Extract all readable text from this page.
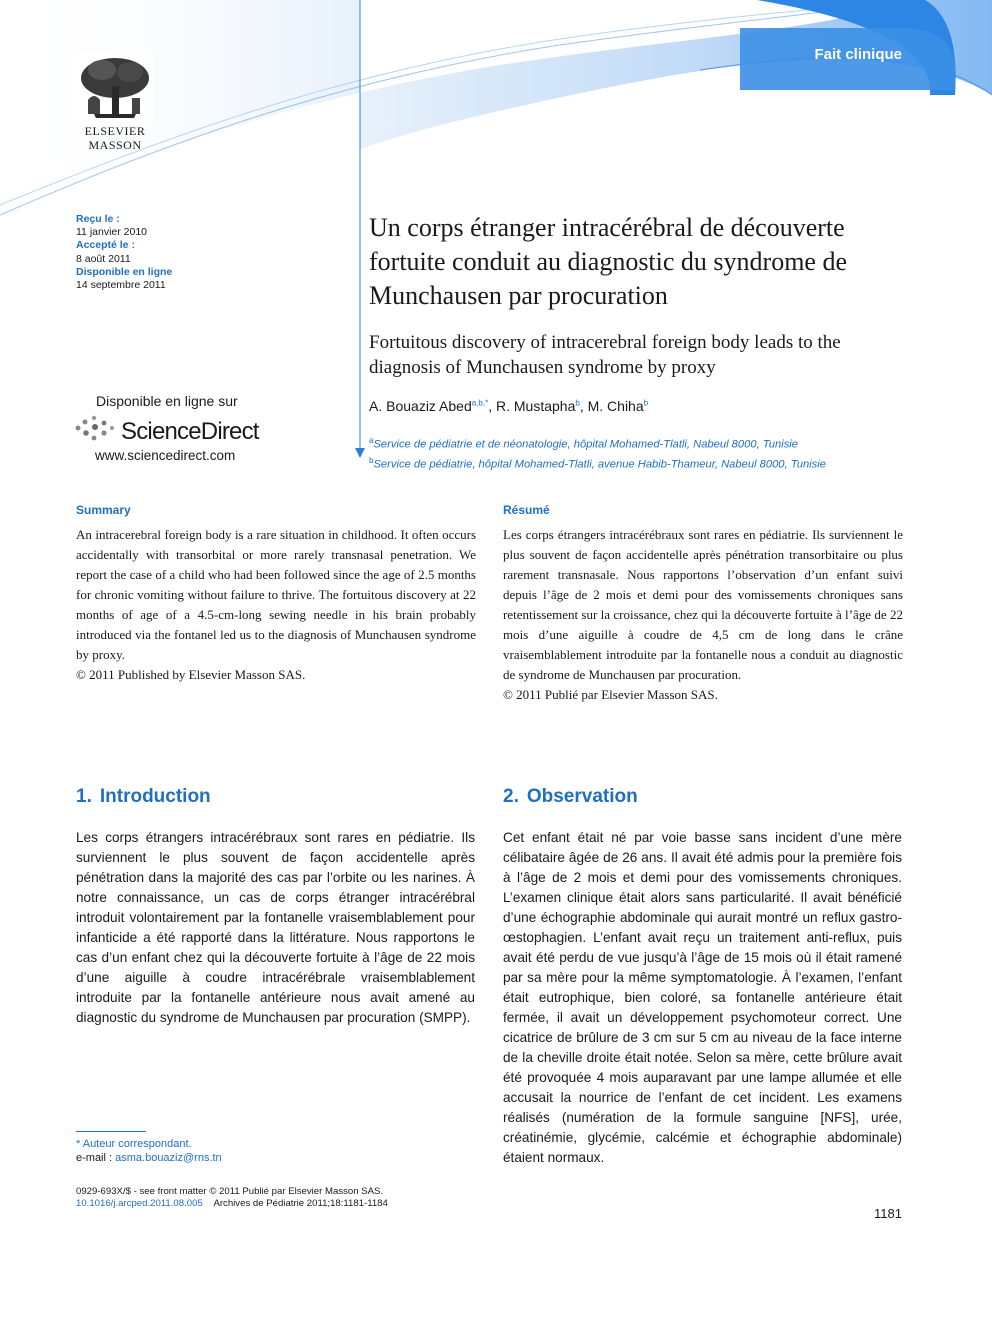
Fait clinique
ELSEVIER
MASSON
Reçu le :
11 janvier 2010
Accepté le :
8 août 2011
Disponible en ligne
14 septembre 2011
Disponible en ligne sur
ScienceDirect
www.sciencedirect.com
Un corps étranger intracérébral de découverte fortuite conduit au diagnostic du syndrome de Munchausen par procuration
Fortuitous discovery of intracerebral foreign body leads to the diagnosis of Munchausen syndrome by proxy
A. Bouaziz Abed$^{a,b,*}$, R. Mustapha$^b$, M. Chiha$^b$
$^a$Service de pédiatrie et de néonatologie, hôpital Mohamed-Tlatli, Nabeul 8000, Tunisie
$^b$Service de pédiatrie, hôpital Mohamed-Tlatli, avenue Habib-Thameur, Nabeul 8000, Tunisie
Summary
An intracerebral foreign body is a rare situation in childhood. It often occurs accidentally with transorbital or more rarely transnasal penetration. We report the case of a child who had been followed since the age of 2.5 months for chronic vomiting without failure to thrive. The fortuitous discovery at 22 months of age of a 4.5-cm-long sewing needle in his brain probably introduced via the fontanel led us to the diagnosis of Munchausen syndrome by proxy.
© 2011 Published by Elsevier Masson SAS.
Résumé
Les corps étrangers intracérébraux sont rares en pédiatrie. Ils surviennent le plus souvent de façon accidentelle après pénétration transorbitaire ou plus rarement transnasale. Nous rapportons l’observation d’un enfant suivi depuis l’âge de 2 mois et demi pour des vomissements chroniques sans retentissement sur la croissance, chez qui la découverte fortuite à l’âge de 22 mois d’une aiguille à coudre de 4,5 cm de long dans le crâne vraisemblablement introduite par la fontanelle nous a conduit au diagnostic de syndrome de Munchausen par procuration.
© 2011 Publié par Elsevier Masson SAS.
1. Introduction
Les corps étrangers intracérébraux sont rares en pédiatrie. Ils surviennent le plus souvent de façon accidentelle après pénétration dans la majorité des cas par l’orbite ou les narines. À notre connaissance, un cas de corps étranger intracérébral introduit volontairement par la fontanelle vraisemblablement pour infanticide a été rapporté dans la littérature. Nous rapportons le cas d’un enfant chez qui la découverte fortuite à l’âge de 22 mois d’une aiguille à coudre intracérébrale vraisemblablement introduite par la fontanelle antérieure nous avait amené au diagnostic du syndrome de Munchausen par procuration (SMPP).
2. Observation
Cet enfant était né par voie basse sans incident d’une mère célibataire âgée de 26 ans. Il avait été admis pour la première fois à l’âge de 2 mois et demi pour des vomissements chroniques. L’examen clinique était alors sans particularité. Il avait bénéficié d’une échographie abdominale qui aurait montré un reflux gastro-œstophagien. L’enfant avait reçu un traitement anti-reflux, puis avait été perdu de vue jusqu’à l’âge de 15 mois où il était ramené par sa mère pour la même symptomatologie. À l’examen, l’enfant était eutrophique, bien coloré, sa fontanelle antérieure était fermée, il avait un développement psychomoteur correct. Une cicatrice de brûlure de 3 cm sur 5 cm au niveau de la face interne de la cheville droite était notée. Selon sa mère, cette brûlure avait été provoquée 4 mois auparavant par une lampe allumée et elle accusait la nourrice de l’enfant de cet incident. Les examens réalisés (numération de la formule sanguine [NFS], urée, créatinémie, glycémie, calcémie et échographie abdominale) étaient normaux.
* Auteur correspondant.
e-mail : asma.bouaziz@rns.tn
0929-693X/$ - see front matter © 2011 Publié par Elsevier Masson SAS.
10.1016/j.arcped.2011.08.005 Archives de Pédiatrie 2011;18:1181-1184
1181
